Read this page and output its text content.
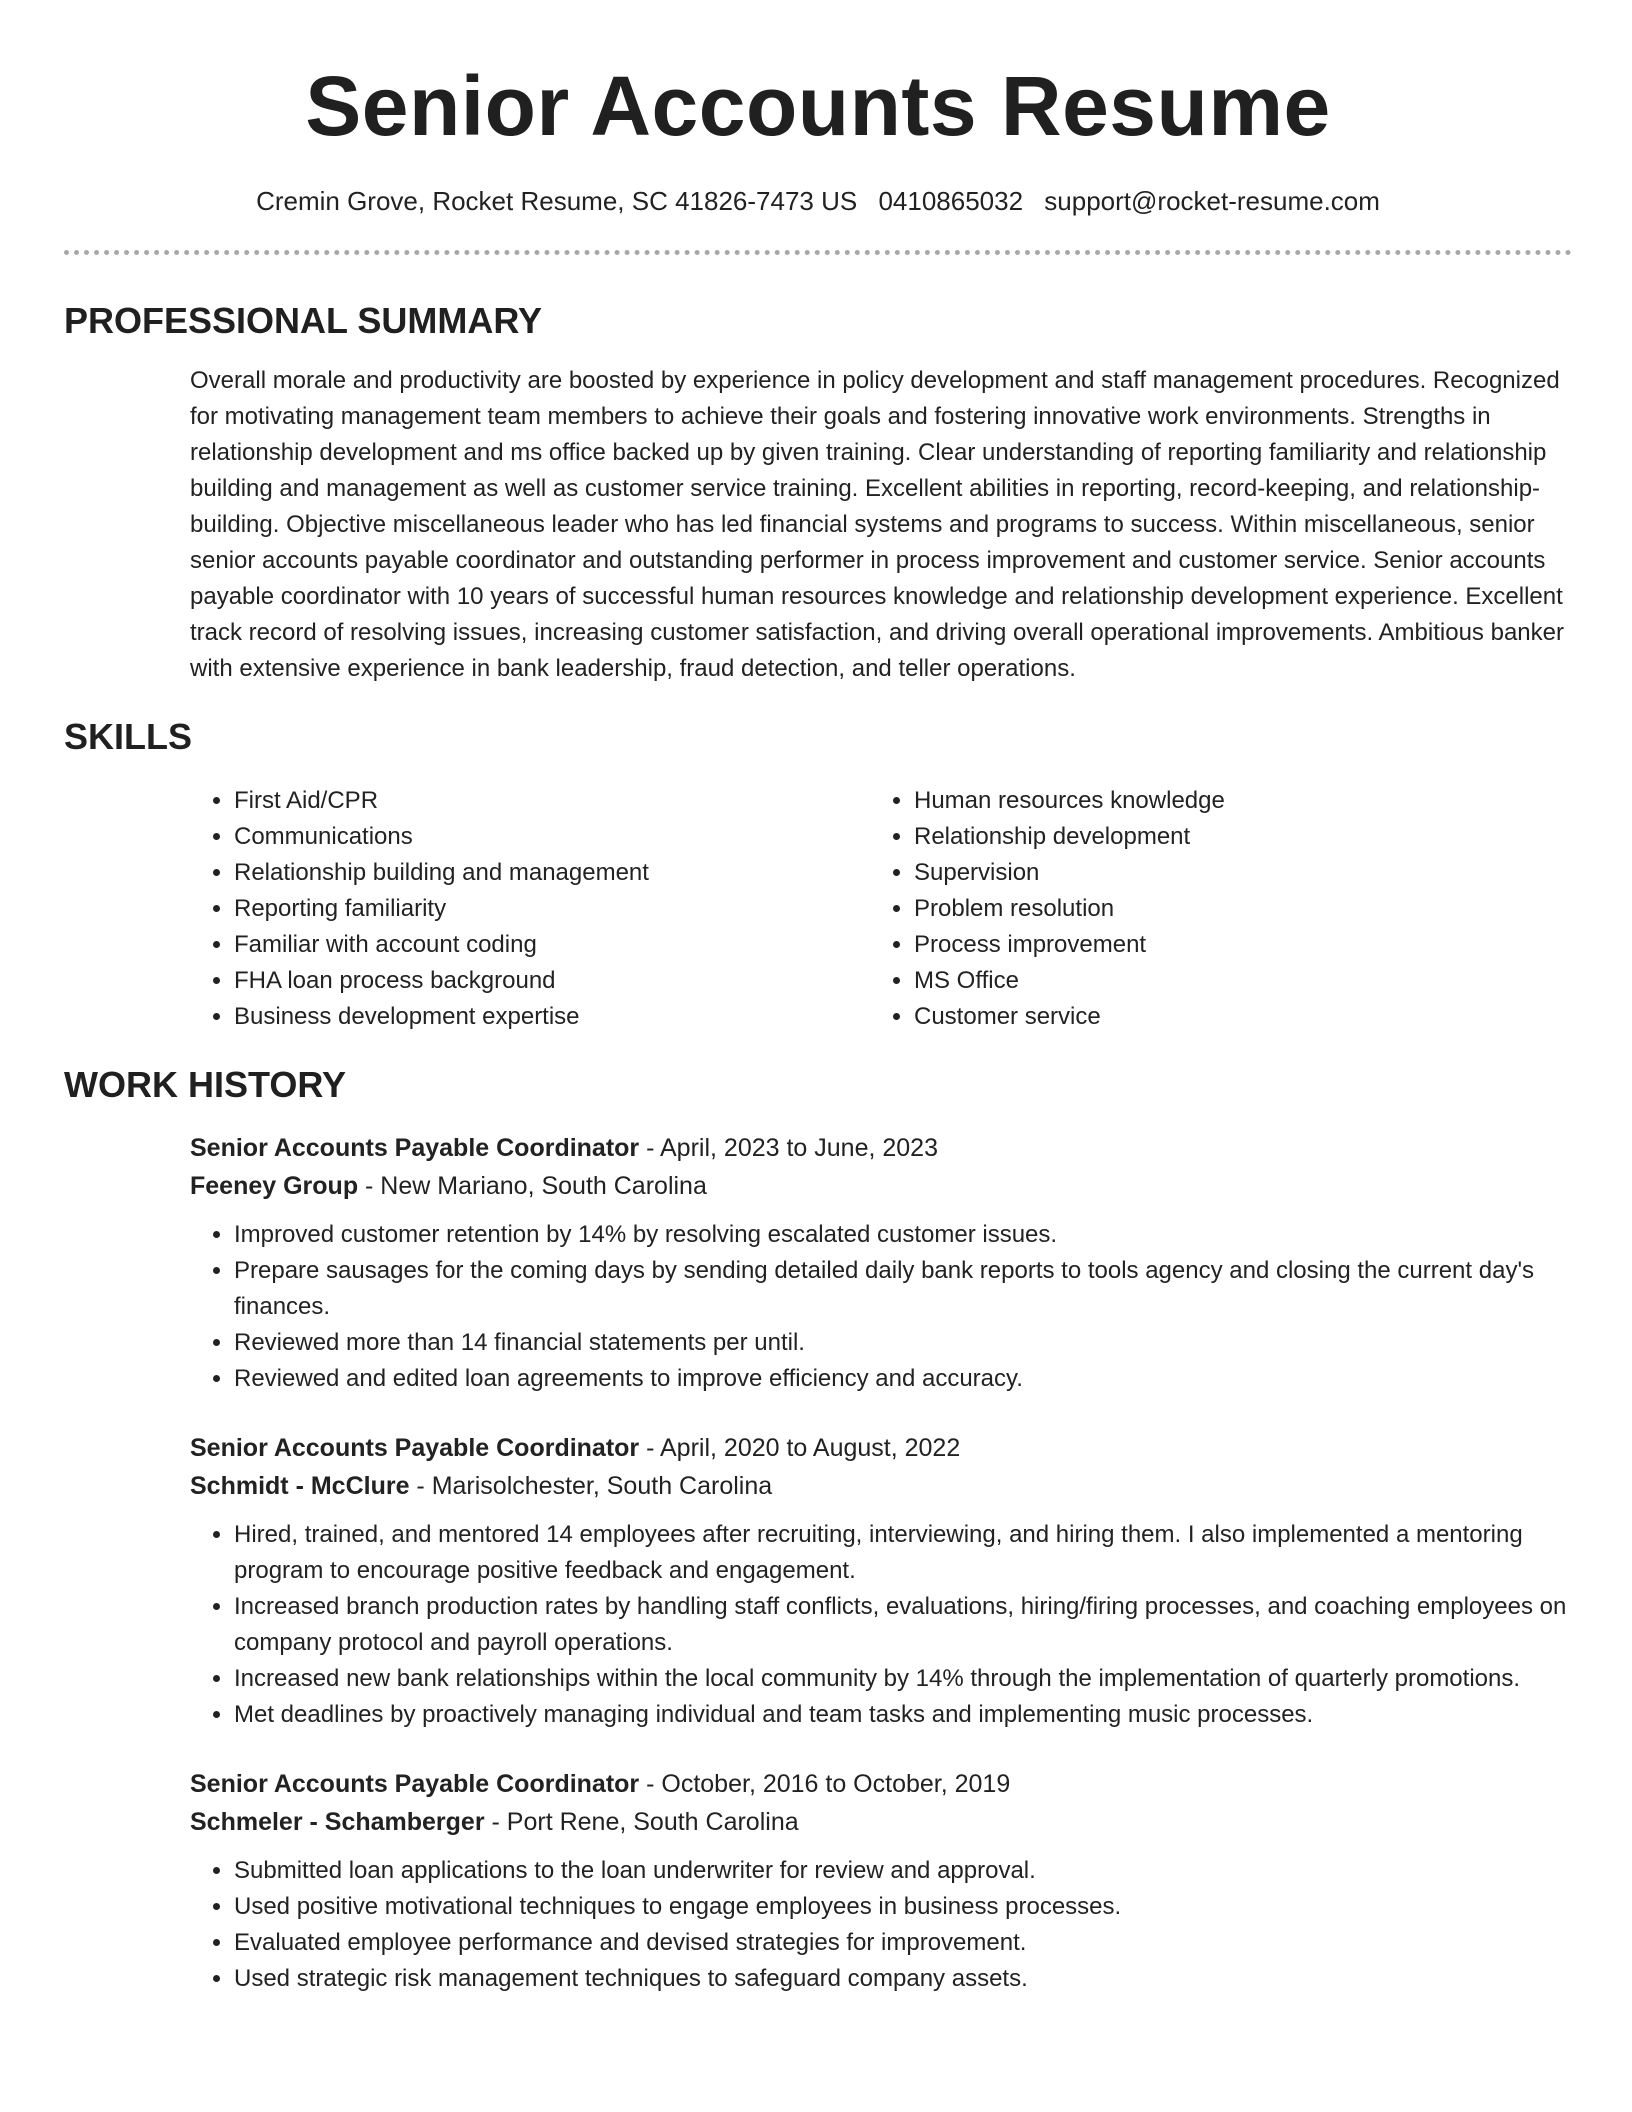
Senior Accounts Resume
Cremin Grove, Rocket Resume, SC 41826-7473 US 0410865032 support@rocket-resume.com
PROFESSIONAL SUMMARY

Overall morale and productivity are boosted by experience in policy development and staff management procedures. Recognized for motivating management team members to achieve their goals and fostering innovative work environments. Strengths in relationship development and ms office backed up by given training. Clear understanding of reporting familiarity and relationship building and management as well as customer service training. Excellent abilities in reporting, record-keeping, and relationship-building. Objective miscellaneous leader who has led financial systems and programs to success. Within miscellaneous, senior senior accounts payable coordinator and outstanding performer in process improvement and customer service. Senior accounts payable coordinator with 10 years of successful human resources knowledge and relationship development experience. Excellent track record of resolving issues, increasing customer satisfaction, and driving overall operational improvements. Ambitious banker with extensive experience in bank leadership, fraud detection, and teller operations.

SKILLS
• First Aid/CPR
• Communications
• Relationship building and management
• Reporting familiarity
• Familiar with account coding
• FHA loan process background
• Business development expertise
• Human resources knowledge
• Relationship development
• Supervision
• Problem resolution
• Process improvement
• MS Office
• Customer service
WORK HISTORY
Senior Accounts Payable Coordinator - April, 2023 to June, 2023
Feeney Group - New Mariano, South Carolina
• Improved customer retention by 14% by resolving escalated customer issues.
• Prepare sausages for the coming days by sending detailed daily bank reports to tools agency and closing the current day's finances.
• Reviewed more than 14 financial statements per until.
• Reviewed and edited loan agreements to improve efficiency and accuracy.
Senior Accounts Payable Coordinator - April, 2020 to August, 2022
Schmidt - McClure - Marisolchester, South Carolina
• Hired, trained, and mentored 14 employees after recruiting, interviewing, and hiring them. I also implemented a mentoring program to encourage positive feedback and engagement.
• Increased branch production rates by handling staff conflicts, evaluations, hiring/firing processes, and coaching employees on company protocol and payroll operations.
• Increased new bank relationships within the local community by 14% through the implementation of quarterly promotions.
• Met deadlines by proactively managing individual and team tasks and implementing music processes.
Senior Accounts Payable Coordinator - October, 2016 to October, 2019
Schmeler - Schamberger - Port Rene, South Carolina
• Submitted loan applications to the loan underwriter for review and approval.
• Used positive motivational techniques to engage employees in business processes.
• Evaluated employee performance and devised strategies for improvement.
• Used strategic risk management techniques to safeguard company assets.
